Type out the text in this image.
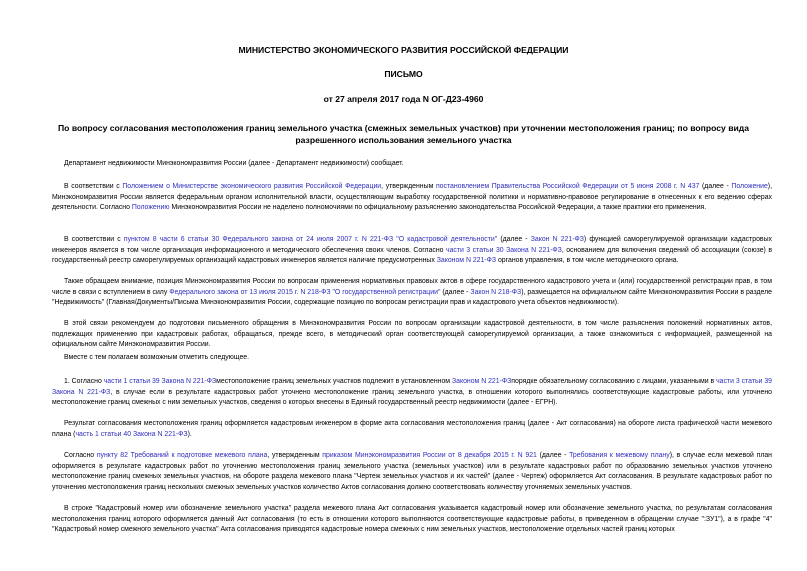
МИНИСТЕРСТВО ЭКОНОМИЧЕСКОГО РАЗВИТИЯ РОССИЙСКОЙ ФЕДЕРАЦИИ
ПИСЬМО
от 27 апреля 2017 года N ОГ-Д23-4960
По вопросу согласования местоположения границ земельного участка (смежных земельных участков) при уточнении местоположения границ; по вопросу вида разрешенного использования земельного участка

Департамент недвижимости Минэкономразвития России (далее - Департамент недвижимости) сообщает.

В соответствии с Положением о Министерстве экономического развития Российской Федерации, утвержденным постановлением Правительства Российской Федерации от 5 июня 2008 г. N 437 (далее - Положение), Минэкономразвития России является федеральным органом исполнительной власти, осуществляющим выработку государственной политики и нормативно-правовое регулирование в отнесенных к его ведению сферах деятельности. Согласно Положению Минэкономразвития России не наделено полномочиями по официальному разъяснению законодательства Российской Федерации, а также практики его применения.

В соответствии с пунктом 8 части 6 статьи 30 Федерального закона от 24 июля 2007 г. N 221-ФЗ "О кадастровой деятельности" (далее - Закон N 221-ФЗ) функцией саморегулируемой организации кадастровых инженеров является в том числе организация информационного и методического обеспечения своих членов. Согласно части 3 статьи 30 Закона N 221-ФЗ, основанием для включения сведений об ассоциации (союзе) в государственный реестр саморегулируемых организаций кадастровых инженеров является наличие предусмотренных Законом N 221-ФЗ органов управления, в том числе методического органа.

Также обращаем внимание, позиция Минэкономразвития России по вопросам применения нормативных правовых актов в сфере государственного кадастрового учета и (или) государственной регистрации прав, в том числе в связи с вступлением в силу Федерального закона от 13 июля 2015 г. N 218-ФЗ "О государственной регистрации" (далее - Закон N 218-ФЗ), размещается на официальном сайте Минэкономразвития России в разделе "Недвижимость" (Главная/Документы/Письма Минэкономразвития России, содержащие позицию по вопросам регистрации прав и кадастрового учета объектов недвижимости).

В этой связи рекомендуем до подготовки письменного обращения в Минэкономразвития России по вопросам организации кадастровой деятельности, в том числе разъяснения положений нормативных актов, подлежащих применению при кадастровых работах, обращаться, прежде всего, в методический орган соответствующей саморегулируемой организации, а также ознакомиться с информацией, размещенной на официальном сайте Минэкономразвития России.

Вместе с тем полагаем возможным отметить следующее.

1. Согласно части 1 статьи 39 Закона N 221-ФЗместоположение границ земельных участков подлежит в установленном Законом N 221-ФЗпорядке обязательному согласованию с лицами, указанными в части 3 статьи 39 Закона N 221-ФЗ, в случае если в результате кадастровых работ уточнено местоположение границ земельного участка, в отношении которого выполнялись соответствующие кадастровые работы, или уточнено местоположение границ смежных с ним земельных участков, сведения о которых внесены в Единый государственный реестр недвижимости (далее - ЕГРН).

Результат согласования местоположения границ оформляется кадастровым инженером в форме акта согласования местоположения границ (далее - Акт согласования) на обороте листа графической части межевого плана (часть 1 статьи 40 Закона N 221-ФЗ).

Согласно пункту 82 Требований к подготовке межевого плана, утвержденным приказом Минэкономразвития России от 8 декабря 2015 г. N 921 (далее - Требования к межевому плану), в случае если межевой план оформляется в результате кадастровых работ по уточнению местоположения границ земельного участка (земельных участков) или в результате кадастровых работ по образованию земельных участков уточнено местоположение границ смежных земельных участков, на обороте раздела межевого плана "Чертеж земельных участков и их частей" (далее - Чертеж) оформляется Акт согласования. В результате кадастровых работ по уточнению местоположения границ нескольких смежных земельных участков количество Актов согласования должно соответствовать количеству уточняемых земельных участков.

В строке "Кадастровый номер или обозначение земельного участка" раздела межевого плана Акт согласования указывается кадастровый номер или обозначение земельного участка, по результатам согласования местоположения границ которого оформляется данный Акт согласования (то есть в отношении которого выполняются соответствующие кадастровые работы, в приведенном в обращении случае ":ЗУ1"), а в графе "4" "Кадастровый номер смежного земельного участка" Акта согласования приводятся кадастровые номера смежных с ним земельных участков, местоположение отдельных частей границ которых
